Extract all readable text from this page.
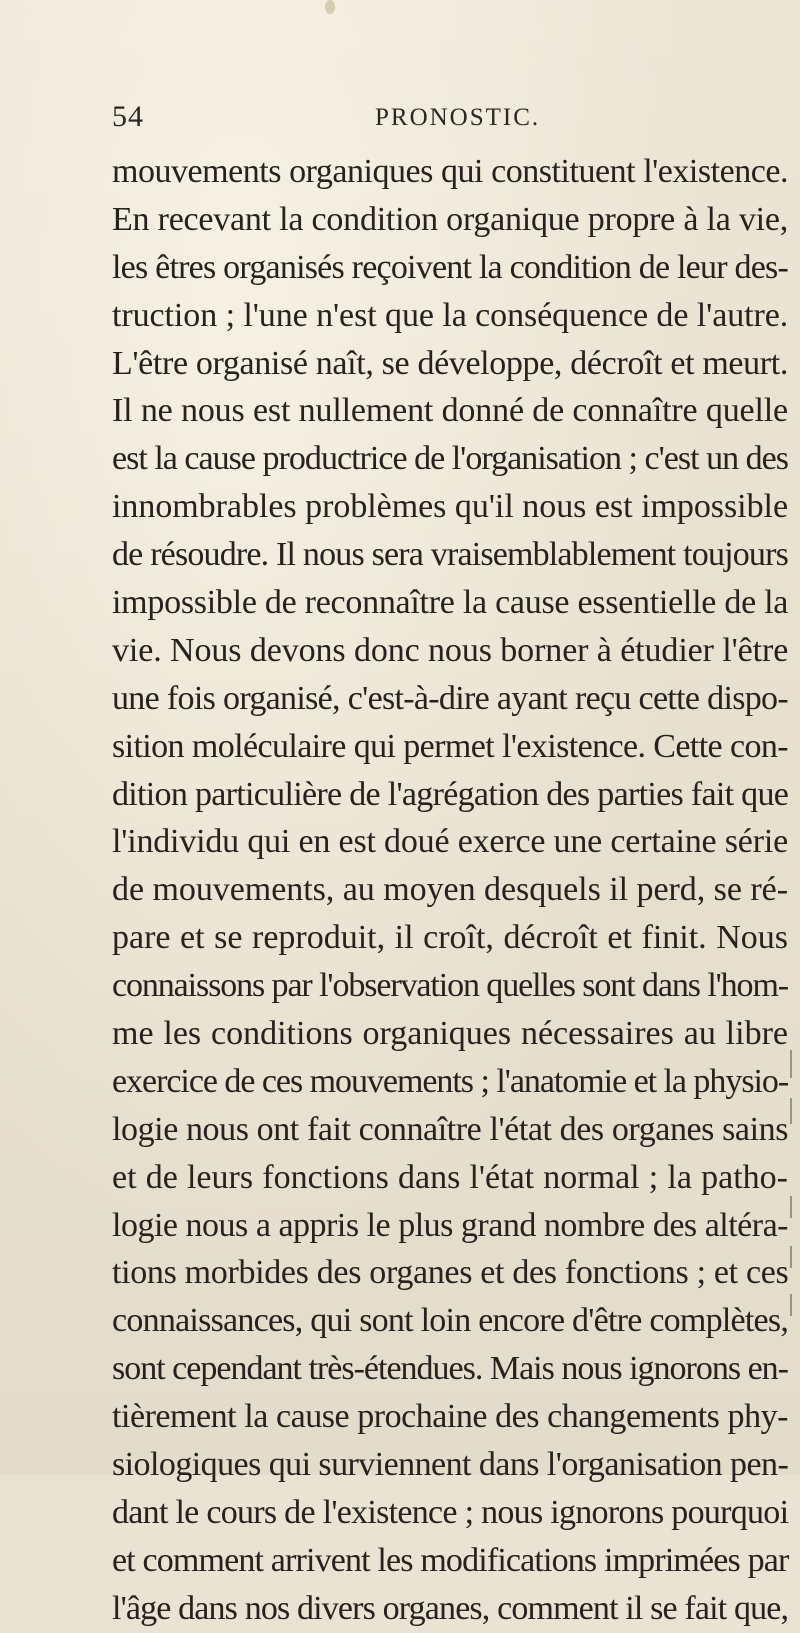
54	PRONOSTIC.
mouvements organiques qui constituent l'existence.
En recevant la condition organique propre à la vie,
les êtres organisés reçoivent la condition de leur des-
truction ; l'une n'est que la conséquence de l'autre.
L'être organisé naît, se développe, décroît et meurt.
Il ne nous est nullement donné de connaître quelle
est la cause productrice de l'organisation ; c'est un des
innombrables problèmes qu'il nous est impossible
de résoudre. Il nous sera vraisemblablement toujours
impossible de reconnaître la cause essentielle de la
vie. Nous devons donc nous borner à étudier l'être
une fois organisé, c'est-à-dire ayant reçu cette dispo-
sition moléculaire qui permet l'existence. Cette con-
dition particulière de l'agrégation des parties fait que
l'individu qui en est doué exerce une certaine série
de mouvements, au moyen desquels il perd, se ré-
pare et se reproduit, il croît, décroît et finit. Nous
connaissons par l'observation quelles sont dans l'hom-
me les conditions organiques nécessaires au libre
exercice de ces mouvements ; l'anatomie et la physio-
logie nous ont fait connaître l'état des organes sains
et de leurs fonctions dans l'état normal ; la patho-
logie nous a appris le plus grand nombre des altéra-
tions morbides des organes et des fonctions ; et ces
connaissances, qui sont loin encore d'être complètes,
sont cependant très-étendues. Mais nous ignorons en-
tièrement la cause prochaine des changements phy-
siologiques qui surviennent dans l'organisation pen-
dant le cours de l'existence ; nous ignorons pourquoi
et comment arrivent les modifications imprimées par
l'âge dans nos divers organes, comment il se fait que,
